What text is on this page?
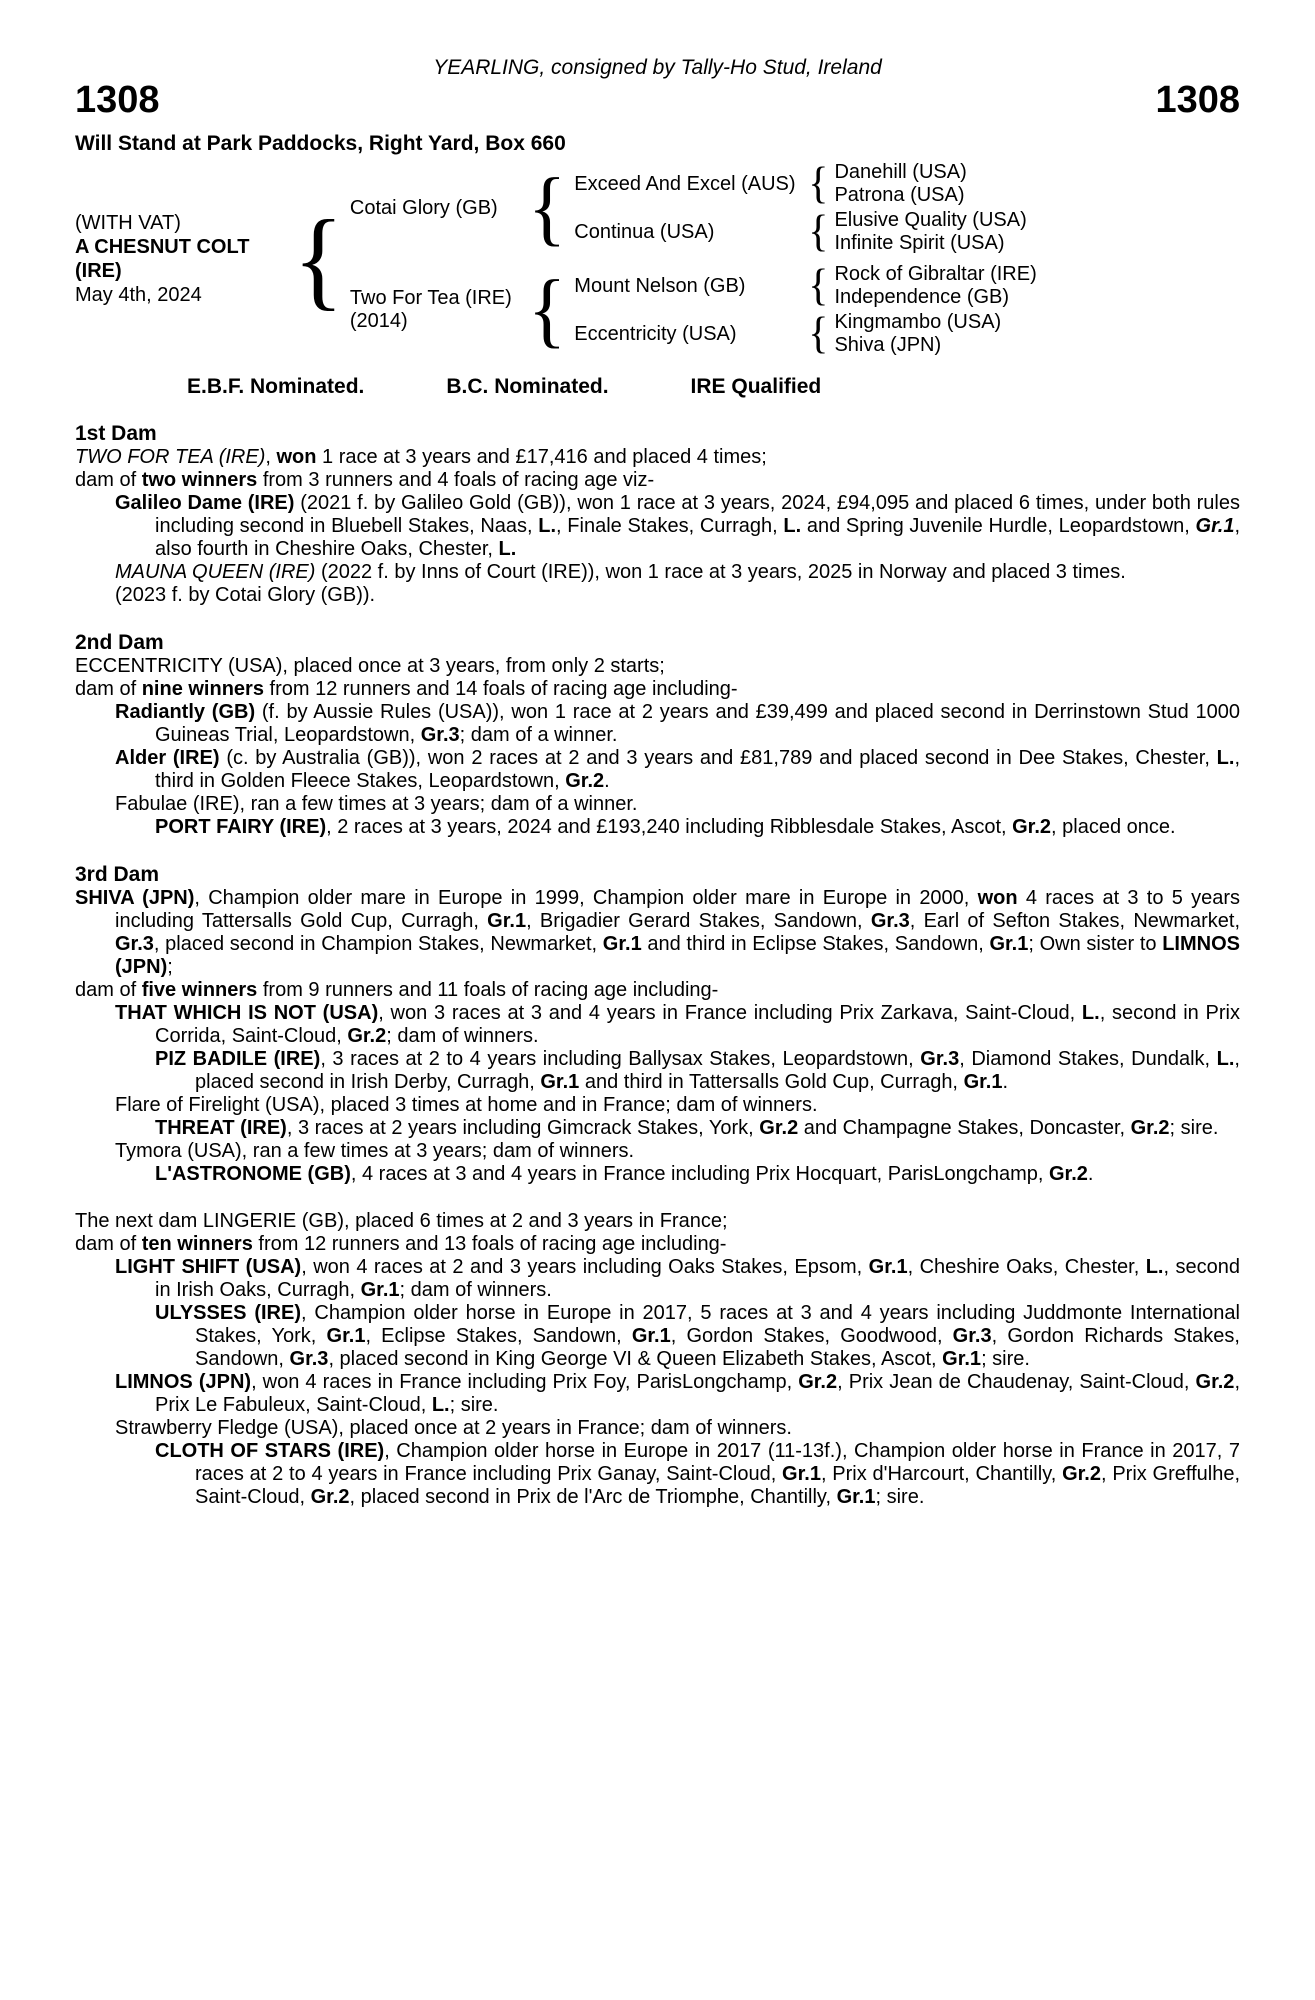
YEARLING, consigned by Tally-Ho Stud, Ireland
1308	1308
Will Stand at Park Paddocks, Right Yard, Box 660
(WITH VAT)
A CHESNUT COLT
(IRE)
May 4th, 2024
{
Cotai Glory (GB)
{
Exceed And Excel (AUS)
{
Danehill (USA)
Patrona (USA)
Continua (USA)
{
Elusive Quality (USA)
Infinite Spirit (USA)
Two For Tea (IRE)
(2014)
{
Mount Nelson (GB)
{
Rock of Gibraltar (IRE)
Independence (GB)
Eccentricity (USA)
{
Kingmambo (USA)
Shiva (JPN)
E.B.F. Nominated.	B.C. Nominated.	IRE Qualified
1st Dam

TWO FOR TEA (IRE), won 1 race at 3 years and £17,416 and placed 4 times;

dam of two winners from 3 runners and 4 foals of racing age viz-

Galileo Dame (IRE) (2021 f. by Galileo Gold (GB)), won 1 race at 3 years, 2024, £94,095 and placed 6 times, under both rules including second in Bluebell Stakes, Naas, L., Finale Stakes, Curragh, L. and Spring Juvenile Hurdle, Leopardstown, Gr.1, also fourth in Cheshire Oaks, Chester, L.

MAUNA QUEEN (IRE) (2022 f. by Inns of Court (IRE)), won 1 race at 3 years, 2025 in Norway and placed 3 times.

(2023 f. by Cotai Glory (GB)).

2nd Dam

ECCENTRICITY (USA), placed once at 3 years, from only 2 starts;

dam of nine winners from 12 runners and 14 foals of racing age including-

Radiantly (GB) (f. by Aussie Rules (USA)), won 1 race at 2 years and £39,499 and placed second in Derrinstown Stud 1000 Guineas Trial, Leopardstown, Gr.3; dam of a winner.

Alder (IRE) (c. by Australia (GB)), won 2 races at 2 and 3 years and £81,789 and placed second in Dee Stakes, Chester, L., third in Golden Fleece Stakes, Leopardstown, Gr.2.

Fabulae (IRE), ran a few times at 3 years; dam of a winner.

PORT FAIRY (IRE), 2 races at 3 years, 2024 and £193,240 including Ribblesdale Stakes, Ascot, Gr.2, placed once.

3rd Dam

SHIVA (JPN), Champion older mare in Europe in 1999, Champion older mare in Europe in 2000, won 4 races at 3 to 5 years including Tattersalls Gold Cup, Curragh, Gr.1, Brigadier Gerard Stakes, Sandown, Gr.3, Earl of Sefton Stakes, Newmarket, Gr.3, placed second in Champion Stakes, Newmarket, Gr.1 and third in Eclipse Stakes, Sandown, Gr.1; Own sister to LIMNOS (JPN);

dam of five winners from 9 runners and 11 foals of racing age including-

THAT WHICH IS NOT (USA), won 3 races at 3 and 4 years in France including Prix Zarkava, Saint-Cloud, L., second in Prix Corrida, Saint-Cloud, Gr.2; dam of winners.

PIZ BADILE (IRE), 3 races at 2 to 4 years including Ballysax Stakes, Leopardstown, Gr.3, Diamond Stakes, Dundalk, L., placed second in Irish Derby, Curragh, Gr.1 and third in Tattersalls Gold Cup, Curragh, Gr.1.

Flare of Firelight (USA), placed 3 times at home and in France; dam of winners.

THREAT (IRE), 3 races at 2 years including Gimcrack Stakes, York, Gr.2 and Champagne Stakes, Doncaster, Gr.2; sire.

Tymora (USA), ran a few times at 3 years; dam of winners.

L'ASTRONOME (GB), 4 races at 3 and 4 years in France including Prix Hocquart, ParisLongchamp, Gr.2.

The next dam LINGERIE (GB), placed 6 times at 2 and 3 years in France;

dam of ten winners from 12 runners and 13 foals of racing age including-

LIGHT SHIFT (USA), won 4 races at 2 and 3 years including Oaks Stakes, Epsom, Gr.1, Cheshire Oaks, Chester, L., second in Irish Oaks, Curragh, Gr.1; dam of winners.

ULYSSES (IRE), Champion older horse in Europe in 2017, 5 races at 3 and 4 years including Juddmonte International Stakes, York, Gr.1, Eclipse Stakes, Sandown, Gr.1, Gordon Stakes, Goodwood, Gr.3, Gordon Richards Stakes, Sandown, Gr.3, placed second in King George VI & Queen Elizabeth Stakes, Ascot, Gr.1; sire.

LIMNOS (JPN), won 4 races in France including Prix Foy, ParisLongchamp, Gr.2, Prix Jean de Chaudenay, Saint-Cloud, Gr.2, Prix Le Fabuleux, Saint-Cloud, L.; sire.

Strawberry Fledge (USA), placed once at 2 years in France; dam of winners.

CLOTH OF STARS (IRE), Champion older horse in Europe in 2017 (11-13f.), Champion older horse in France in 2017, 7 races at 2 to 4 years in France including Prix Ganay, Saint-Cloud, Gr.1, Prix d'Harcourt, Chantilly, Gr.2, Prix Greffulhe, Saint-Cloud, Gr.2, placed second in Prix de l'Arc de Triomphe, Chantilly, Gr.1; sire.
